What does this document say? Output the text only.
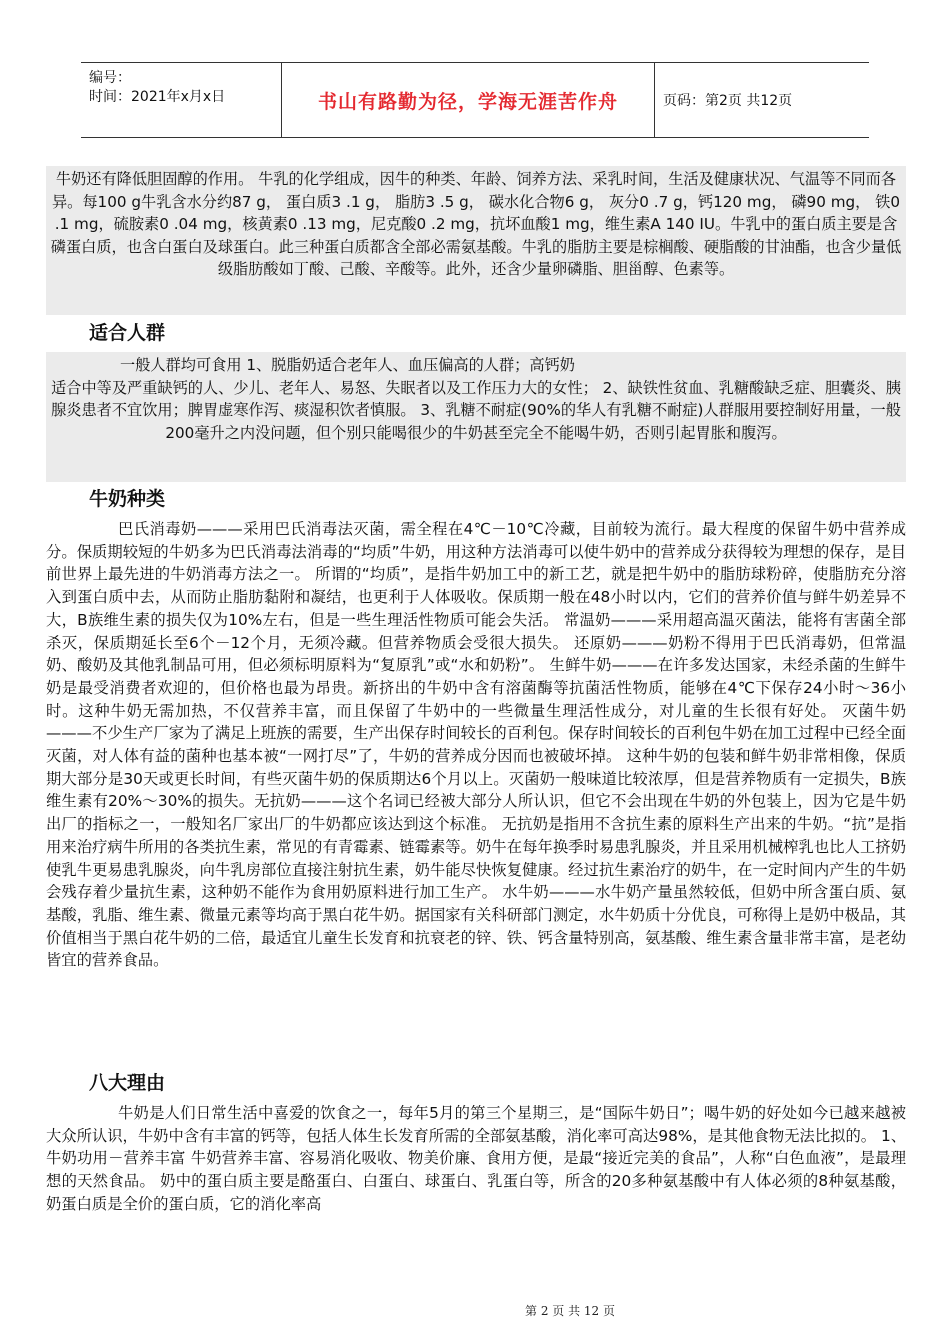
编号：
时间：2021年x月x日	书山有路勤为径，学海无涯苦作舟	页码：第2页 共12页

牛奶还有降低胆固醇的作用。 牛乳的化学组成，因牛的种类、年龄、饲养方法、采乳时间，生活及健康状况、气温等不同而各异。每100 g牛乳含水分约87 g， 蛋白质3 .1 g， 脂肪3 .5 g， 碳水化合物6 g， 灰分0 .7 g，钙120 mg， 磷90 mg， 铁0 .1 mg，硫胺素0 .04 mg，核黄素0 .13 mg，尼克酸0 .2 mg，抗坏血酸1 mg，维生素A 140 IU。牛乳中的蛋白质主要是含磷蛋白质，也含白蛋白及球蛋白。此三种蛋白质都含全部必需氨基酸。牛乳的脂肪主要是棕榈酸、硬脂酸的甘油酯，也含少量低级脂肪酸如丁酸、己酸、辛酸等。此外，还含少量卵磷脂、胆甾醇、色素等。

适合人群
一般人群均可食用 1、脱脂奶适合老年人、血压偏高的人群；高钙奶

适合中等及严重缺钙的人、少儿、老年人、易怒、失眠者以及工作压力大的女性； 2、缺铁性贫血、乳糖酸缺乏症、胆囊炎、胰腺炎患者不宜饮用；脾胃虚寒作泻、痰湿积饮者慎服。 3、乳糖不耐症(90%的华人有乳糖不耐症)人群服用要控制好用量，一般200毫升之内没问题，但个别只能喝很少的牛奶甚至完全不能喝牛奶，否则引起胃胀和腹泻。

牛奶种类

巴氏消毒奶———采用巴氏消毒法灭菌，需全程在4℃－10℃冷藏，目前较为流行。最大程度的保留牛奶中营养成分。保质期较短的牛奶多为巴氏消毒法消毒的“均质”牛奶，用这种方法消毒可以使牛奶中的营养成分获得较为理想的保存，是目前世界上最先进的牛奶消毒方法之一。 所谓的“均质”，是指牛奶加工中的新工艺，就是把牛奶中的脂肪球粉碎，使脂肪充分溶入到蛋白质中去，从而防止脂肪黏附和凝结，也更利于人体吸收。保质期一般在48小时以内，它们的营养价值与鲜牛奶差异不大，B族维生素的损失仅为10%左右，但是一些生理活性物质可能会失活。 常温奶———采用超高温灭菌法，能将有害菌全部杀灭，保质期延长至6个－12个月，无须冷藏。但营养物质会受很大损失。 还原奶———奶粉不得用于巴氏消毒奶，但常温奶、酸奶及其他乳制品可用，但必须标明原料为“复原乳”或“水和奶粉”。 生鲜牛奶———在许多发达国家，未经杀菌的生鲜牛奶是最受消费者欢迎的，但价格也最为昂贵。新挤出的牛奶中含有溶菌酶等抗菌活性物质，能够在4℃下保存24小时～36小时。这种牛奶无需加热，不仅营养丰富，而且保留了牛奶中的一些微量生理活性成分，对儿童的生长很有好处。 灭菌牛奶———不少生产厂家为了满足上班族的需要，生产出保存时间较长的百利包。保存时间较长的百利包牛奶在加工过程中已经全面灭菌，对人体有益的菌种也基本被“一网打尽”了，牛奶的营养成分因而也被破坏掉。 这种牛奶的包装和鲜牛奶非常相像，保质期大部分是30天或更长时间，有些灭菌牛奶的保质期达6个月以上。灭菌奶一般味道比较浓厚，但是营养物质有一定损失，B族维生素有20%～30%的损失。无抗奶———这个名词已经被大部分人所认识，但它不会出现在牛奶的外包装上，因为它是牛奶出厂的指标之一，一般知名厂家出厂的牛奶都应该达到这个标准。 无抗奶是指用不含抗生素的原料生产出来的牛奶。“抗”是指用来治疗病牛所用的各类抗生素，常见的有青霉素、链霉素等。奶牛在每年换季时易患乳腺炎，并且采用机械榨乳也比人工挤奶使乳牛更易患乳腺炎，向牛乳房部位直接注射抗生素，奶牛能尽快恢复健康。经过抗生素治疗的奶牛，在一定时间内产生的牛奶会残存着少量抗生素，这种奶不能作为食用奶原料进行加工生产。 水牛奶———水牛奶产量虽然较低，但奶中所含蛋白质、氨基酸，乳脂、维生素、微量元素等均高于黑白花牛奶。据国家有关科研部门测定，水牛奶质十分优良，可称得上是奶中极品，其价值相当于黑白花牛奶的二倍，最适宜儿童生长发育和抗衰老的锌、铁、钙含量特别高，氨基酸、维生素含量非常丰富，是老幼皆宜的营养食品。

八大理由

牛奶是人们日常生活中喜爱的饮食之一，每年5月的第三个星期三，是“国际牛奶日”；喝牛奶的好处如今已越来越被大众所认识，牛奶中含有丰富的钙等，包括人体生长发育所需的全部氨基酸，消化率可高达98%，是其他食物无法比拟的。 1、牛奶功用－营养丰富 牛奶营养丰富、容易消化吸收、物美价廉、食用方便，是最“接近完美的食品”，人称“白色血液”，是最理想的天然食品。 奶中的蛋白质主要是酪蛋白、白蛋白、球蛋白、乳蛋白等，所含的20多种氨基酸中有人体必须的8种氨基酸，奶蛋白质是全价的蛋白质，它的消化率高

第 2 页 共 12 页
